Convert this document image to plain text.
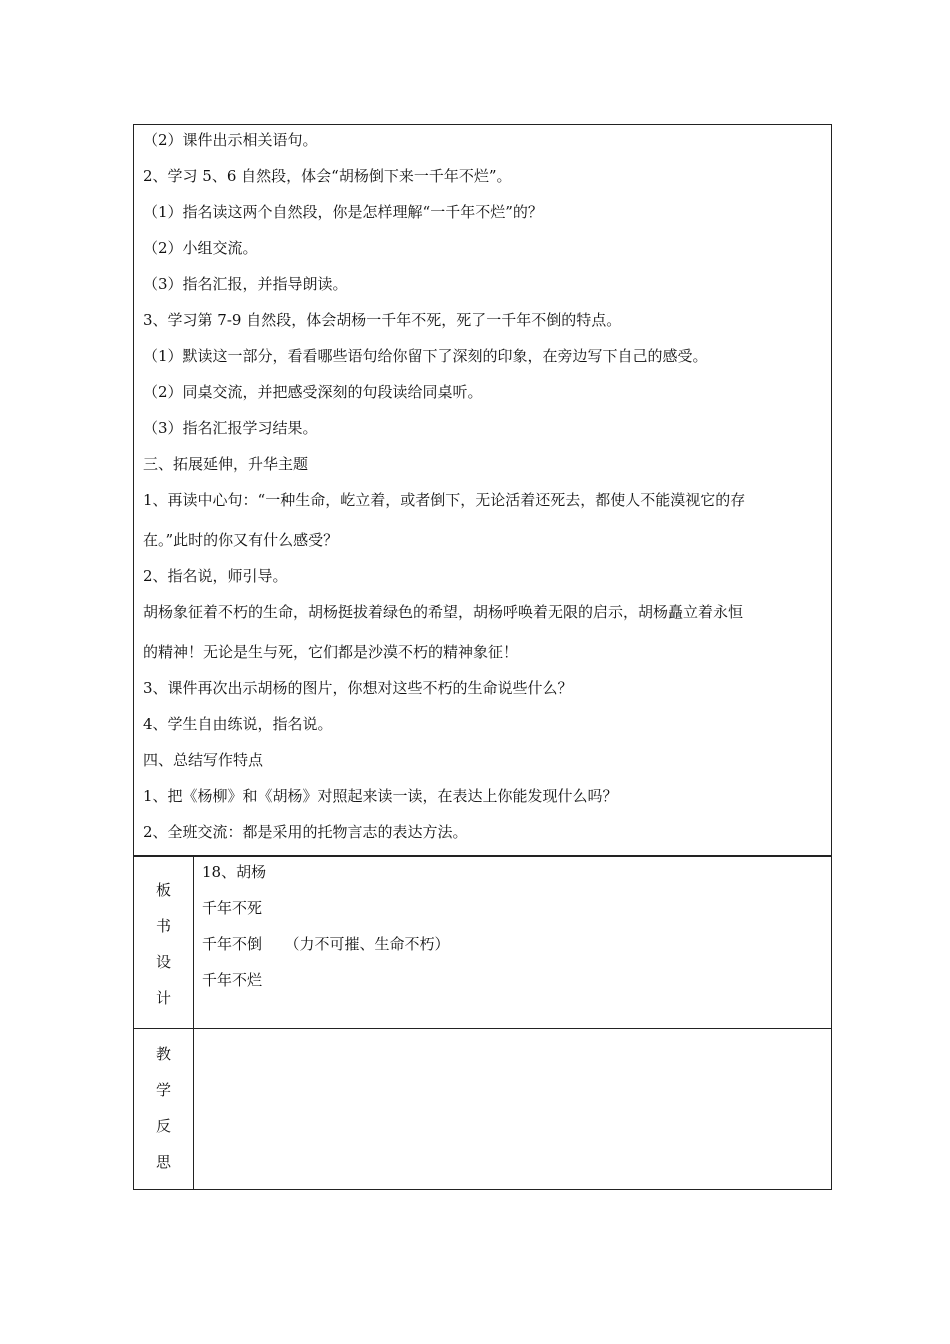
（2）课件出示相关语句。
2、学习 5、6 自然段，体会“胡杨倒下来一千年不烂”。
（1）指名读这两个自然段，你是怎样理解“一千年不烂”的？
（2）小组交流。
（3）指名汇报，并指导朗读。
3、学习第 7-9 自然段，体会胡杨一千年不死，死了一千年不倒的特点。
（1）默读这一部分，看看哪些语句给你留下了深刻的印象，在旁边写下自己的感受。
（2）同桌交流，并把感受深刻的句段读给同桌听。
（3）指名汇报学习结果。
三、拓展延伸，升华主题
1、再读中心句：“一种生命，屹立着，或者倒下，无论活着还死去，都使人不能漠视它的存
在。”此时的你又有什么感受？
2、指名说，师引导。
胡杨象征着不朽的生命，胡杨挺拔着绿色的希望，胡杨呼唤着无限的启示，胡杨矗立着永恒
的精神！无论是生与死，它们都是沙漠不朽的精神象征！
3、课件再次出示胡杨的图片，你想对这些不朽的生命说些什么？
4、学生自由练说，指名说。
四、总结写作特点
1、把《杨柳》和《胡杨》对照起来读一读，在表达上你能发现什么吗？
2、全班交流：都是采用的托物言志的表达方法。
板
书
设
计
18、胡杨
千年不死
千年不倒　　（力不可摧、生命不朽）
千年不烂
教
学
反
思
